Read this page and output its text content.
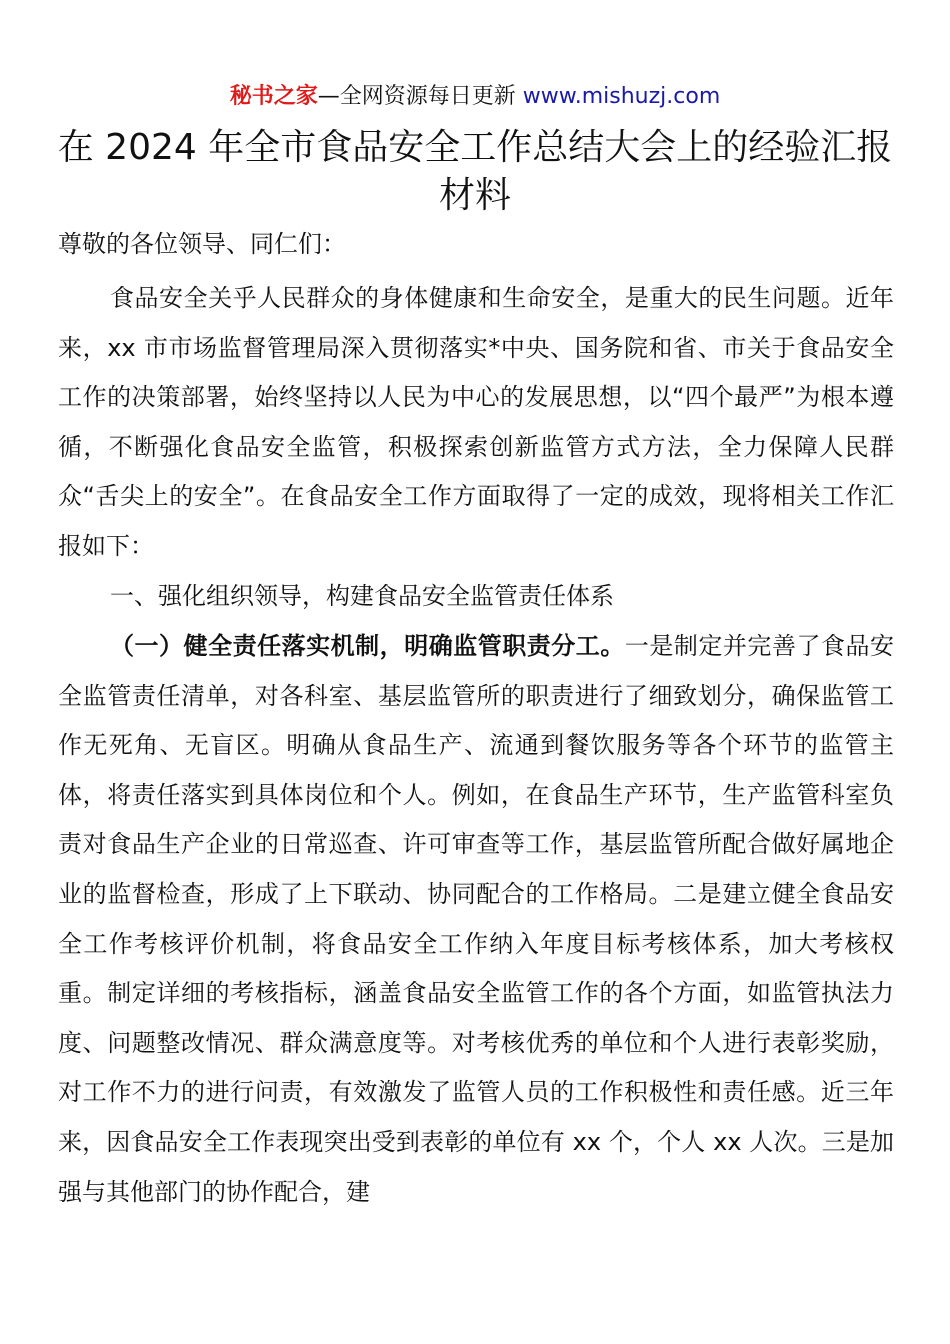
秘书之家—全网资源每日更新 www.mishuzj.com
在 2024 年全市食品安全工作总结大会上的经验汇报材料

尊敬的各位领导、同仁们：

食品安全关乎人民群众的身体健康和生命安全，是重大的民生问题。近年来，xx 市市场监督管理局深入贯彻落实*中央、国务院和省、市关于食品安全工作的决策部署，始终坚持以人民为中心的发展思想，以“四个最严”为根本遵循，不断强化食品安全监管，积极探索创新监管方式方法，全力保障人民群众“舌尖上的安全”。在食品安全工作方面取得了一定的成效，现将相关工作汇报如下：

一、强化组织领导，构建食品安全监管责任体系

（一）健全责任落实机制，明确监管职责分工。一是制定并完善了食品安全监管责任清单，对各科室、基层监管所的职责进行了细致划分，确保监管工作无死角、无盲区。明确从食品生产、流通到餐饮服务等各个环节的监管主体，将责任落实到具体岗位和个人。例如，在食品生产环节，生产监管科室负责对食品生产企业的日常巡查、许可审查等工作，基层监管所配合做好属地企业的监督检查，形成了上下联动、协同配合的工作格局。二是建立健全食品安全工作考核评价机制，将食品安全工作纳入年度目标考核体系，加大考核权重。制定详细的考核指标，涵盖食品安全监管工作的各个方面，如监管执法力度、问题整改情况、群众满意度等。对考核优秀的单位和个人进行表彰奖励，对工作不力的进行问责，有效激发了监管人员的工作积极性和责任感。近三年来，因食品安全工作表现突出受到表彰的单位有 xx 个，个人 xx 人次。三是加强与其他部门的协作配合，建
